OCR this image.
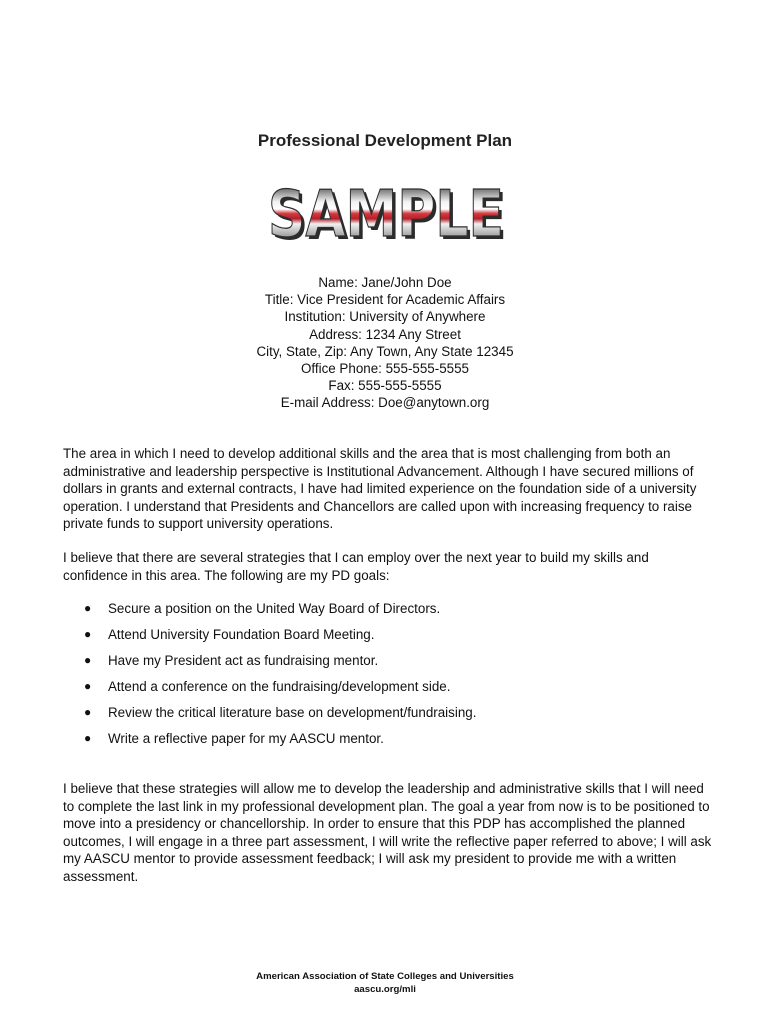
Professional Development Plan
SAMPLE
SAMPLE
Name: Jane/John Doe
Title: Vice President for Academic Affairs
Institution: University of Anywhere
Address: 1234 Any Street
City, State, Zip: Any Town, Any State 12345
Office Phone: 555-555-5555
Fax: 555-555-5555
E-mail Address: Doe@anytown.org

The area in which I need to develop additional skills and the area that is most challenging from both an administrative and leadership perspective is Institutional Advancement. Although I have secured millions of dollars in grants and external contracts, I have had limited experience on the foundation side of a university operation. I understand that Presidents and Chancellors are called upon with increasing frequency to raise private funds to support university operations.

I believe that there are several strategies that I can employ over the next year to build my skills and confidence in this area. The following are my PD goals:

●	Secure a position on the United Way Board of Directors.
●	Attend University Foundation Board Meeting.
●	Have my President act as fundraising mentor.
●	Attend a conference on the fundraising/development side.
●	Review the critical literature base on development/fundraising.
●	Write a reflective paper for my AASCU mentor.

I believe that these strategies will allow me to develop the leadership and administrative skills that I will need to complete the last link in my professional development plan. The goal a year from now is to be positioned to move into a presidency or chancellorship. In order to ensure that this PDP has accomplished the planned outcomes, I will engage in a three part assessment, I will write the reflective paper referred to above; I will ask my AASCU mentor to provide assessment feedback; I will ask my president to provide me with a written assessment.

American Association of State Colleges and Universities
aascu.org/mli
